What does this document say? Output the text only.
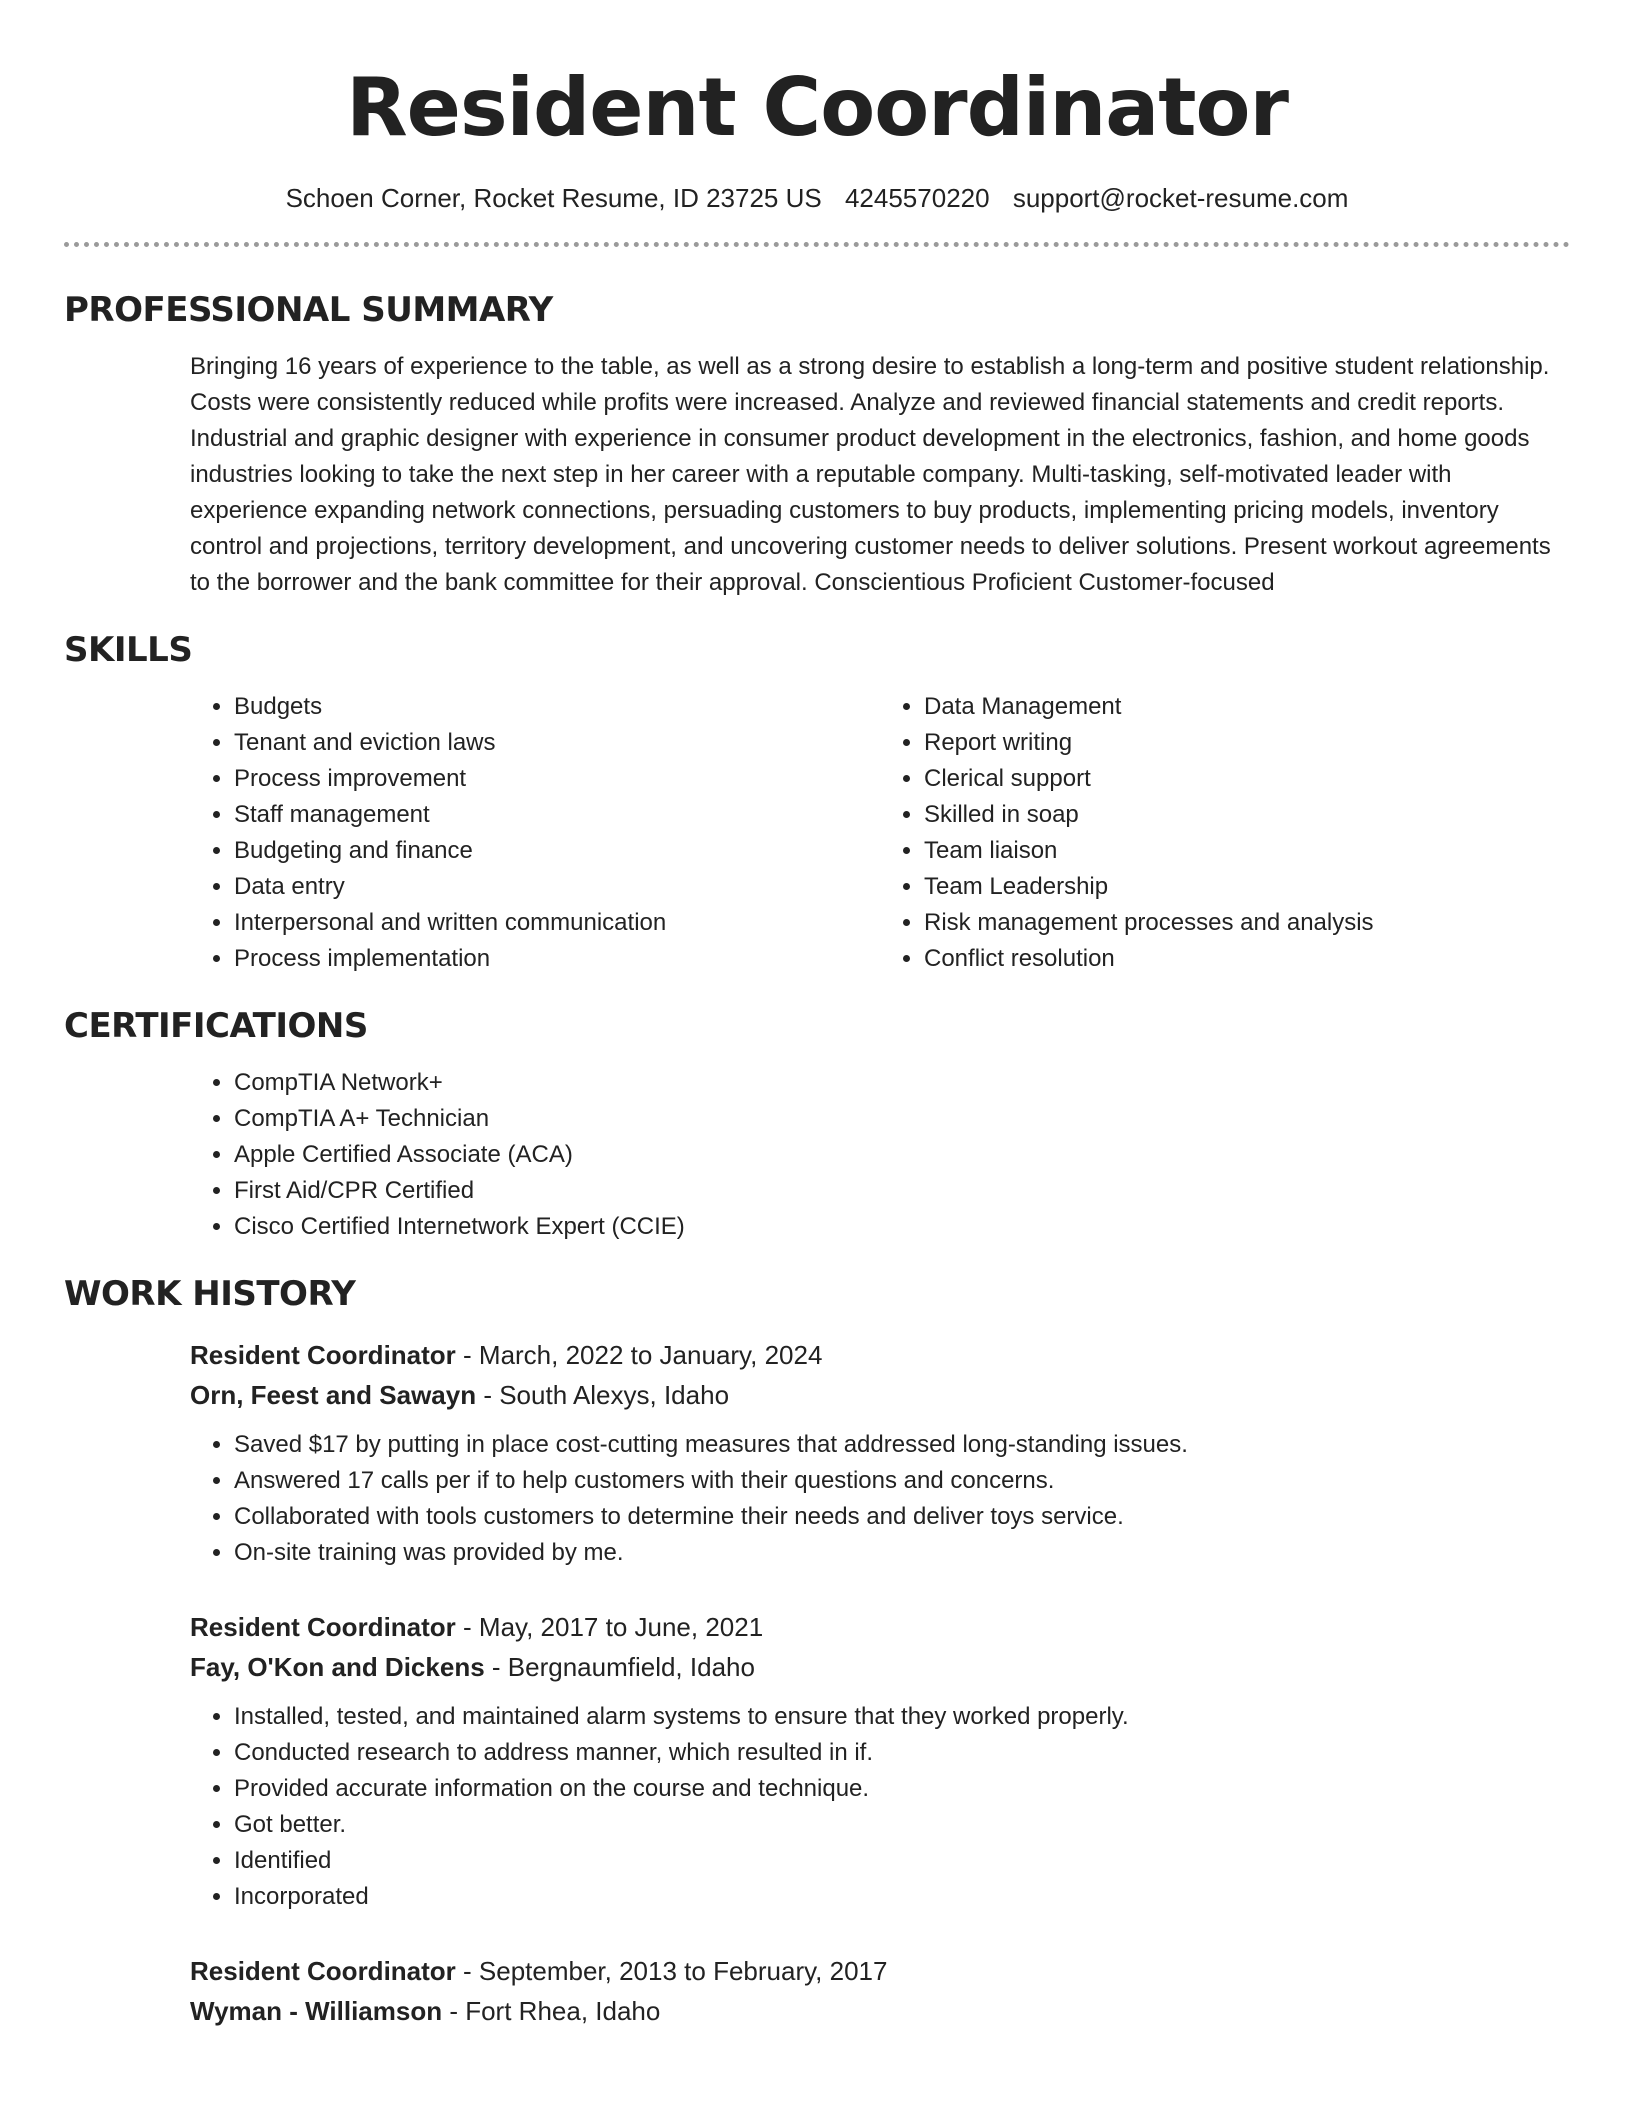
Resident Coordinator
Schoen Corner, Rocket Resume, ID 23725 US 4245570220 support@rocket-resume.com
PROFESSIONAL SUMMARY
Bringing 16 years of experience to the table, as well as a strong desire to establish a long-term and positive student relationship. Costs were consistently reduced while profits were increased. Analyze and reviewed financial statements and credit reports. Industrial and graphic designer with experience in consumer product development in the electronics, fashion, and home goods industries looking to take the next step in her career with a reputable company. Multi-tasking, self-motivated leader with experience expanding network connections, persuading customers to buy products, implementing pricing models, inventory control and projections, territory development, and uncovering customer needs to deliver solutions. Present workout agreements to the borrower and the bank committee for their approval. Conscientious Proficient Customer-focused
SKILLS
• Budgets
• Tenant and eviction laws
• Process improvement
• Staff management
• Budgeting and finance
• Data entry
• Interpersonal and written communication
• Process implementation
• Data Management
• Report writing
• Clerical support
• Skilled in soap
• Team liaison
• Team Leadership
• Risk management processes and analysis
• Conflict resolution
CERTIFICATIONS
• CompTIA Network+
• CompTIA A+ Technician
• Apple Certified Associate (ACA)
• First Aid/CPR Certified
• Cisco Certified Internetwork Expert (CCIE)
WORK HISTORY
Resident Coordinator - March, 2022 to January, 2024
Orn, Feest and Sawayn - South Alexys, Idaho
• Saved $17 by putting in place cost-cutting measures that addressed long-standing issues.
• Answered 17 calls per if to help customers with their questions and concerns.
• Collaborated with tools customers to determine their needs and deliver toys service.
• On-site training was provided by me.
Resident Coordinator - May, 2017 to June, 2021
Fay, O'Kon and Dickens - Bergnaumfield, Idaho
• Installed, tested, and maintained alarm systems to ensure that they worked properly.
• Conducted research to address manner, which resulted in if.
• Provided accurate information on the course and technique.
• Got better.
• Identified
• Incorporated
Resident Coordinator - September, 2013 to February, 2017
Wyman - Williamson - Fort Rhea, Idaho
